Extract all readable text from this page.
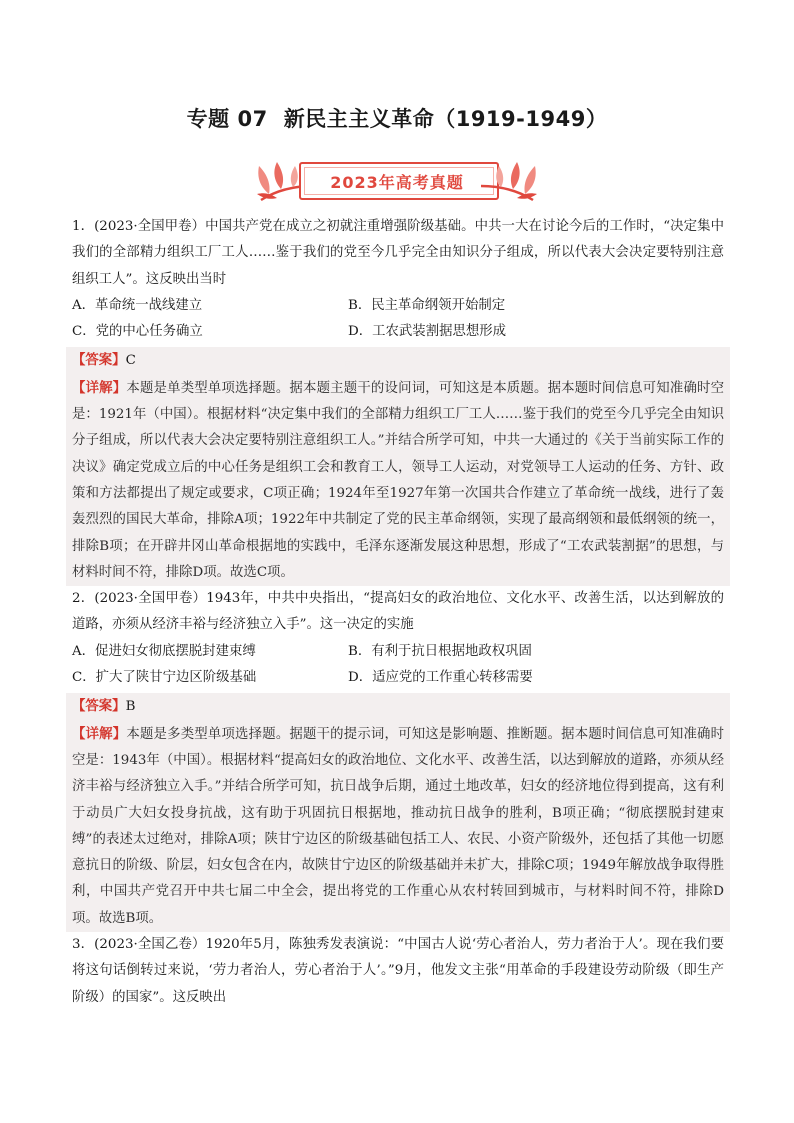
专题 07 新民主主义革命（1919-1949）
2023年高考真题

1．(2023·全国甲卷）中国共产党在成立之初就注重增强阶级基础。中共一大在讨论今后的工作时，“决定集中我们的全部精力组织工厂工人……鉴于我们的党至今几乎完全由知识分子组成，所以代表大会决定要特别注意组织工人”。这反映出当时

A．革命统一战线建立	B．民主革命纲领开始制定
C．党的中心任务确立	D．工农武装割据思想形成

【答案】C

【详解】本题是单类型单项选择题。据本题主题干的设问词，可知这是本质题。据本题时间信息可知准确时空是：1921年（中国）。根据材料“决定集中我们的全部精力组织工厂工人……鉴于我们的党至今几乎完全由知识分子组成，所以代表大会决定要特别注意组织工人。”并结合所学可知，中共一大通过的《关于当前实际工作的决议》确定党成立后的中心任务是组织工会和教育工人，领导工人运动，对党领导工人运动的任务、方针、政策和方法都提出了规定或要求，C项正确；1924年至1927年第一次国共合作建立了革命统一战线，进行了轰轰烈烈的国民大革命，排除A项；1922年中共制定了党的民主革命纲领，实现了最高纲领和最低纲领的统一，排除B项；在开辟井冈山革命根据地的实践中，毛泽东逐渐发展这种思想，形成了“工农武装割据”的思想，与材料时间不符，排除D项。故选C项。

2．(2023·全国甲卷）1943年，中共中央指出，“提高妇女的政治地位、文化水平、改善生活，以达到解放的道路，亦须从经济丰裕与经济独立入手”。这一决定的实施

A．促进妇女彻底摆脱封建束缚	B．有利于抗日根据地政权巩固
C．扩大了陕甘宁边区阶级基础	D．适应党的工作重心转移需要

【答案】B

【详解】本题是多类型单项选择题。据题干的提示词，可知这是影响题、推断题。据本题时间信息可知准确时空是：1943年（中国）。根据材料“提高妇女的政治地位、文化水平、改善生活，以达到解放的道路，亦须从经济丰裕与经济独立入手。”并结合所学可知，抗日战争后期，通过土地改革，妇女的经济地位得到提高，这有利于动员广大妇女投身抗战，这有助于巩固抗日根据地，推动抗日战争的胜利，B项正确；“彻底摆脱封建束缚”的表述太过绝对，排除A项；陕甘宁边区的阶级基础包括工人、农民、小资产阶级外，还包括了其他一切愿意抗日的阶级、阶层，妇女包含在内，故陕甘宁边区的阶级基础并未扩大，排除C项；1949年解放战争取得胜利，中国共产党召开中共七届二中全会，提出将党的工作重心从农村转回到城市，与材料时间不符，排除D项。故选B项。

3．(2023·全国乙卷）1920年5月，陈独秀发表演说：“中国古人说‘劳心者治人，劳力者治于人’。现在我们要将这句话倒转过来说，‘劳力者治人，劳心者治于人’。”9月，他发文主张“用革命的手段建设劳动阶级（即生产阶级）的国家”。这反映出
